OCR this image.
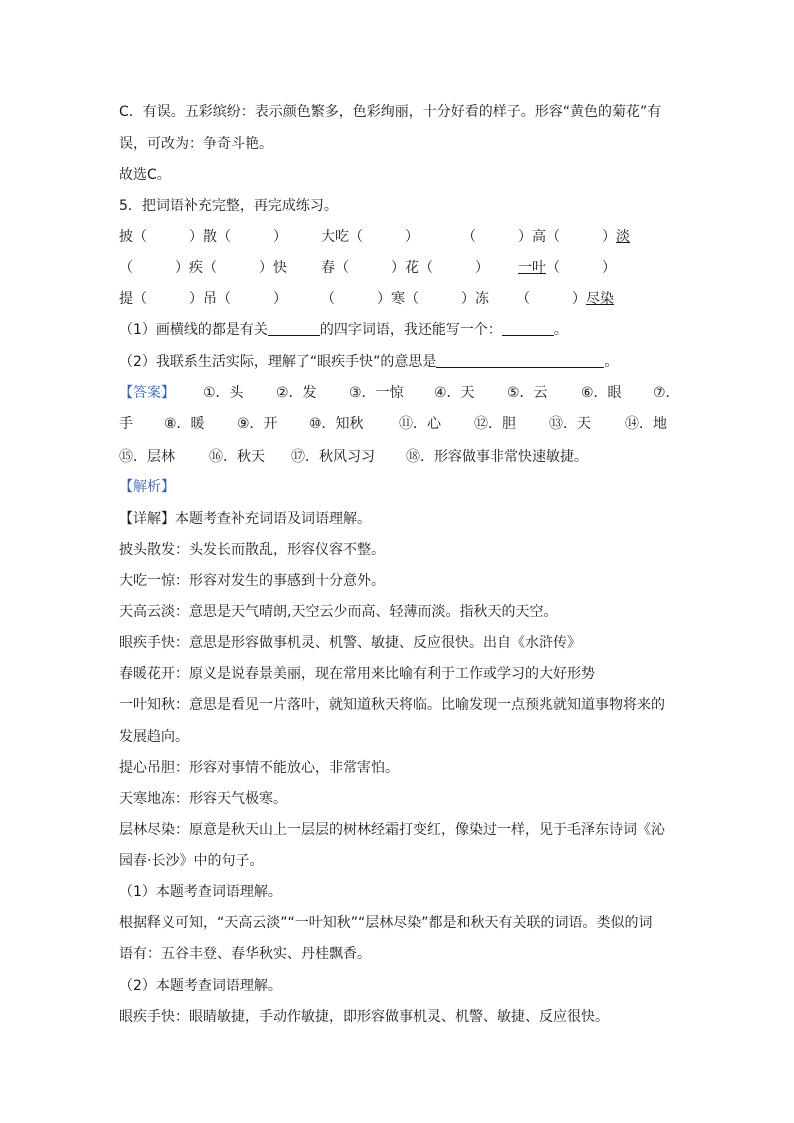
C．有误。五彩缤纷：表示颜色繁多，色彩绚丽，十分好看的样子。形容“黄色的菊花”有
误，可改为：争奇斗艳。
故选C。
5．把词语补充完整，再完成练习。
披（　　　）散（　　　） 大吃（　　　）	（　　　）高（　　　）淡
（　　　）疾（　　　）快 春（　　　）花（　　　） 一叶（　　　）
提（　　　）吊（　　　） （　　　）寒（　　　）冻 （　　　）尽染
（1）画横线的都是有关	的四字词语，我还能写一个：	。
（2）我联系生活实际，理解了“眼疾手快”的意思是	。
【答案】 ①．头 ②．发 ③．一惊 ④．天 ⑤．云 ⑥．眼 ⑦．
手 ⑧．暖 ⑨．开 ⑩．知秋	⑪．心 ⑫．胆 ⑬．天 ⑭．地
⑮．层林 ⑯．秋天 ⑰．秋风习习 ⑱．形容做事非常快速敏捷。
【解析】
【详解】本题考查补充词语及词语理解。
披头散发：头发长而散乱，形容仪容不整。
大吃一惊：形容对发生的事感到十分意外。
天高云淡：意思是天气晴朗,天空云少而高、轻薄而淡。指秋天的天空。
眼疾手快：意思是形容做事机灵、机警、敏捷、反应很快。出自《水浒传》
春暖花开：原义是说春景美丽，现在常用来比喻有利于工作或学习的大好形势
一叶知秋：意思是看见一片落叶，就知道秋天将临。比喻发现一点预兆就知道事物将来的
发展趋向。
提心吊胆：形容对事情不能放心，非常害怕。
天寒地冻：形容天气极寒。
层林尽染：原意是秋天山上一层层的树林经霜打变红，像染过一样，见于毛泽东诗词《沁
园春·长沙》中的句子。
（1）本题考查词语理解。
根据释义可知，“天高云淡”“一叶知秋”“层林尽染”都是和秋天有关联的词语。类似的词
语有：五谷丰登、春华秋实、丹桂飘香。
（2）本题考查词语理解。
眼疾手快：眼睛敏捷，手动作敏捷，即形容做事机灵、机警、敏捷、反应很快。
